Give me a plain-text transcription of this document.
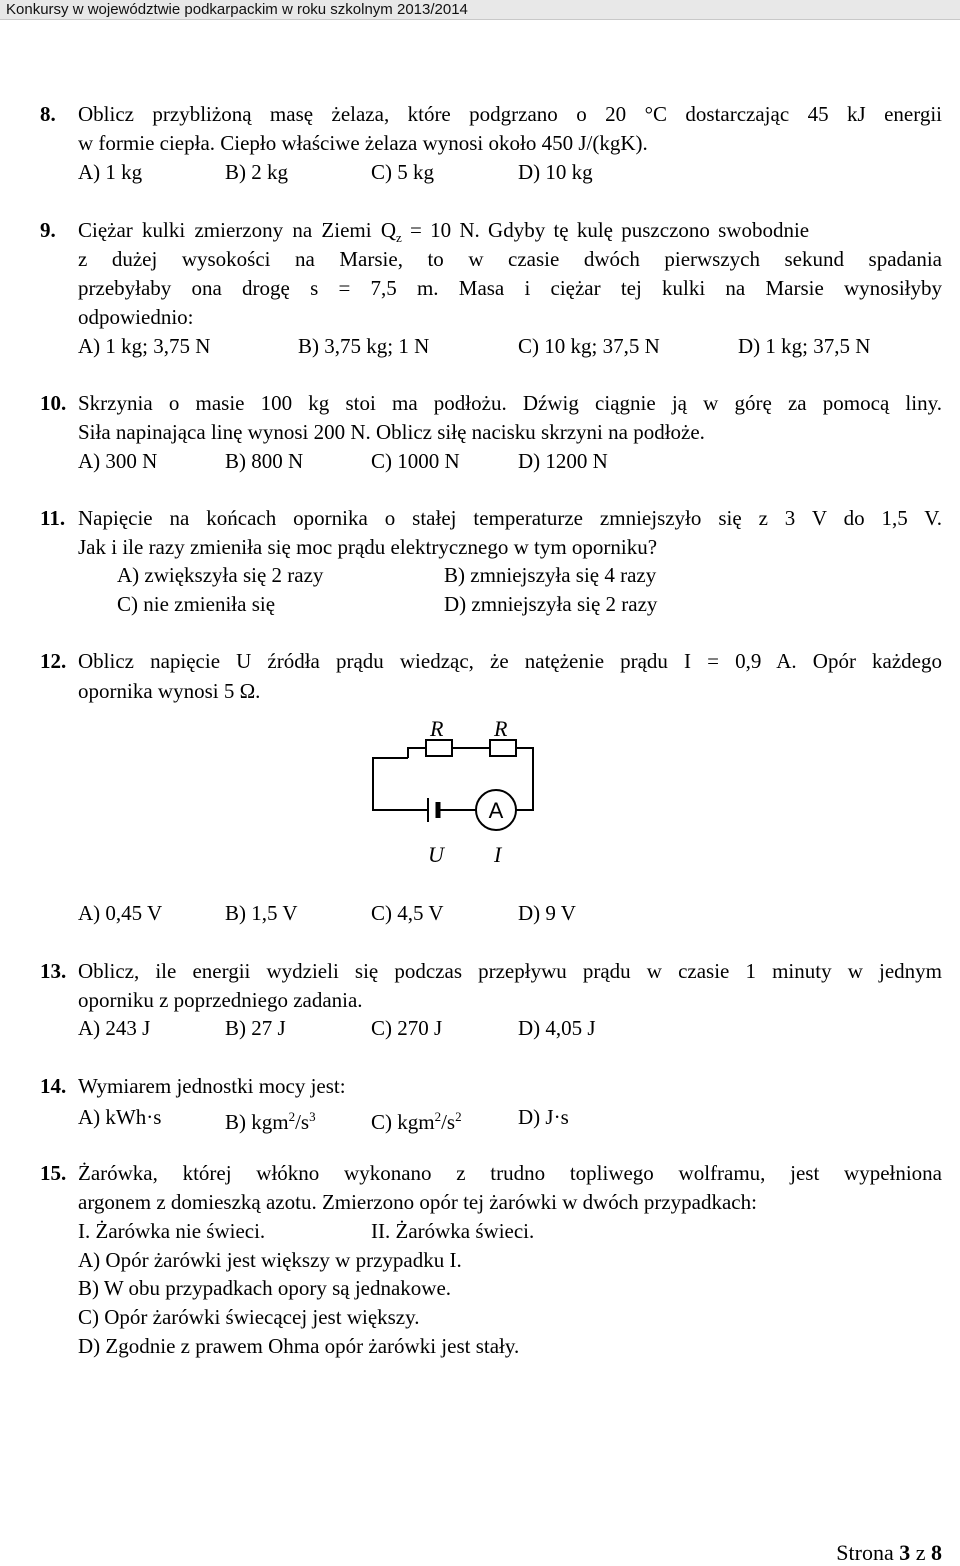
Konkursy w województwie podkarpackim w roku szkolnym 2013/2014
8. Oblicz przybliżoną masę żelaza, które podgrzano o 20 °C dostarczając 45 kJ energii
w formie ciepła. Ciepło właściwe żelaza wynosi około 450 J/(kgK).
A) 1 kg	B) 2 kg	C) 5 kg	D) 10 kg
9. Ciężar kulki zmierzony na Ziemi $Q_z = 10$ N. Gdyby tę kulę puszczono swobodnie
z dużej wysokości na Marsie, to w czasie dwóch pierwszych sekund spadania
przebyłaby ona drogę s = 7,5 m. Masa i ciężar tej kulki na Marsie wynosiłyby
odpowiednio:
A) 1 kg; 3,75 N	B) 3,75 kg; 1 N	C) 10 kg; 37,5 N	D) 1 kg; 37,5 N
10. Skrzynia o masie 100 kg stoi ma podłożu. Dźwig ciągnie ją w górę za pomocą liny.
Siła napinająca linę wynosi 200 N. Oblicz siłę nacisku skrzyni na podłoże.
A) 300 N	B) 800 N	C) 1000 N	D) 1200 N
11. Napięcie na końcach opornika o stałej temperaturze zmniejszyło się z 3 V do 1,5 V.
Jak i ile razy zmieniła się moc prądu elektrycznego w tym oporniku?
A) zwiększyła się 2 razy	B) zmniejszyła się 4 razy
C) nie zmieniła się	D) zmniejszyła się 2 razy
12. Oblicz napięcie U źródła prądu wiedząc, że natężenie prądu I = 0,9 A. Opór każdego
opornika wynosi 5 Ω.
A
R R
U I
A) 0,45 V	B) 1,5 V	C) 4,5 V	D) 9 V
13. Oblicz, ile energii wydzieli się podczas przepływu prądu w czasie 1 minuty w jednym
oporniku z poprzedniego zadania.
A) 243 J	B) 27 J	C) 270 J	D) 4,05 J
14. Wymiarem jednostki mocy jest:
A) kWh·s	B) $kgm^2/s^3$	C) $kgm^2/s^2$	D) J·s
15. Żarówka, której włókno wykonano z trudno topliwego wolframu, jest wypełniona
argonem z domieszką azotu. Zmierzono opór tej żarówki w dwóch przypadkach:
I. Żarówka nie świeci.	II. Żarówka świeci.
A) Opór żarówki jest większy w przypadku I.
B) W obu przypadkach opory są jednakowe.
C) Opór żarówki świecącej jest większy.
D) Zgodnie z prawem Ohma opór żarówki jest stały.
Strona 3 z 8
